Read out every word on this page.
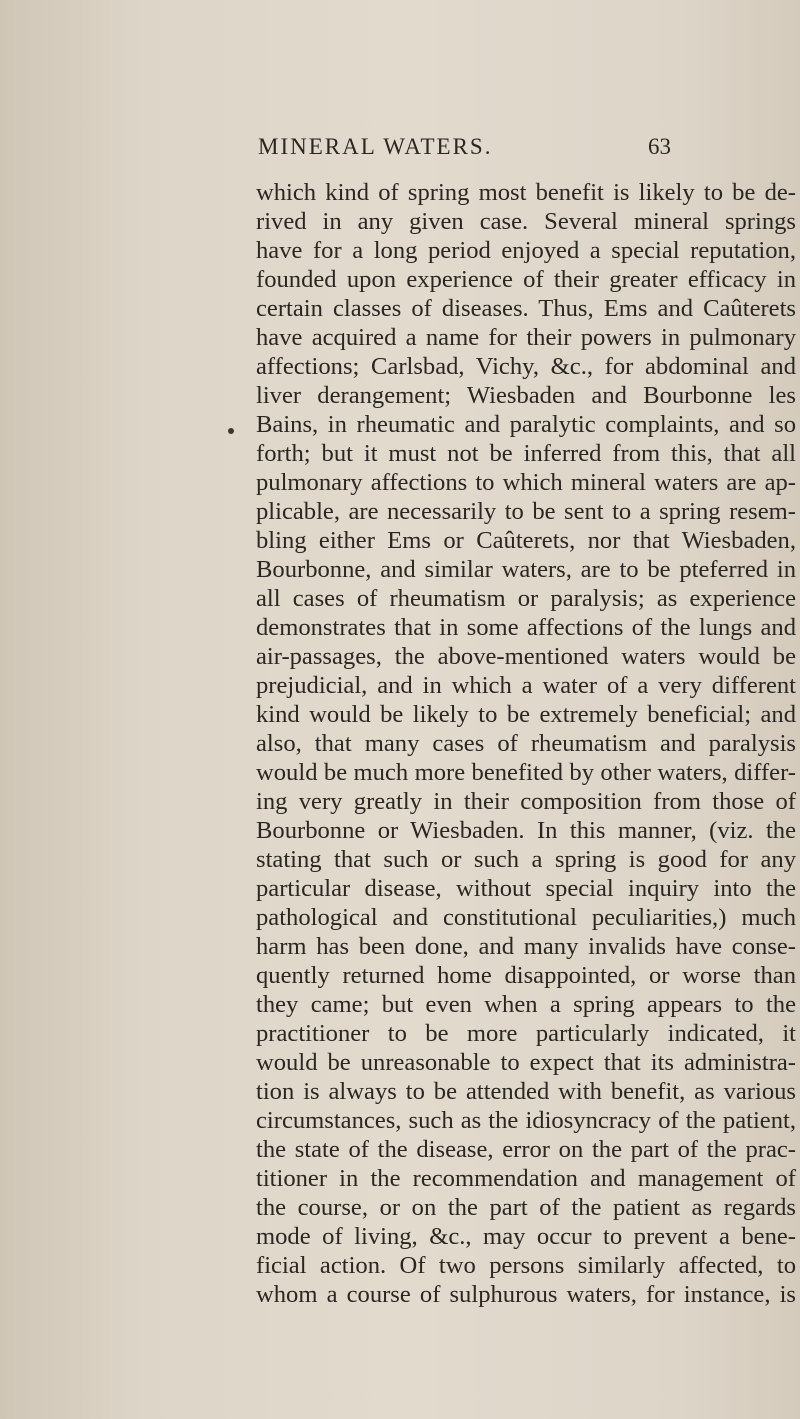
MINERAL WATERS.	63
which kind of spring most benefit is likely to be de-
rived in any given case. Several mineral springs
have for a long period enjoyed a special reputation,
founded upon experience of their greater efficacy in
certain classes of diseases. Thus, Ems and Caûterets
have acquired a name for their powers in pulmonary
affections; Carlsbad, Vichy, &c., for abdominal and
liver derangement; Wiesbaden and Bourbonne les
Bains, in rheumatic and paralytic complaints, and so
forth; but it must not be inferred from this, that all
pulmonary affections to which mineral waters are ap-
plicable, are necessarily to be sent to a spring resem-
bling either Ems or Caûterets, nor that Wiesbaden,
Bourbonne, and similar waters, are to be pteferred in
all cases of rheumatism or paralysis; as experience
demonstrates that in some affections of the lungs and
air-passages, the above-mentioned waters would be
prejudicial, and in which a water of a very different
kind would be likely to be extremely beneficial; and
also, that many cases of rheumatism and paralysis
would be much more benefited by other waters, differ-
ing very greatly in their composition from those of
Bourbonne or Wiesbaden. In this manner, (viz. the
stating that such or such a spring is good for any
particular disease, without special inquiry into the
pathological and constitutional peculiarities,) much
harm has been done, and many invalids have conse-
quently returned home disappointed, or worse than
they came; but even when a spring appears to the
practitioner to be more particularly indicated, it
would be unreasonable to expect that its administra-
tion is always to be attended with benefit, as various
circumstances, such as the idiosyncracy of the patient,
the state of the disease, error on the part of the prac-
titioner in the recommendation and management of
the course, or on the part of the patient as regards
mode of living, &c., may occur to prevent a bene-
ficial action. Of two persons similarly affected, to
whom a course of sulphurous waters, for instance, is
